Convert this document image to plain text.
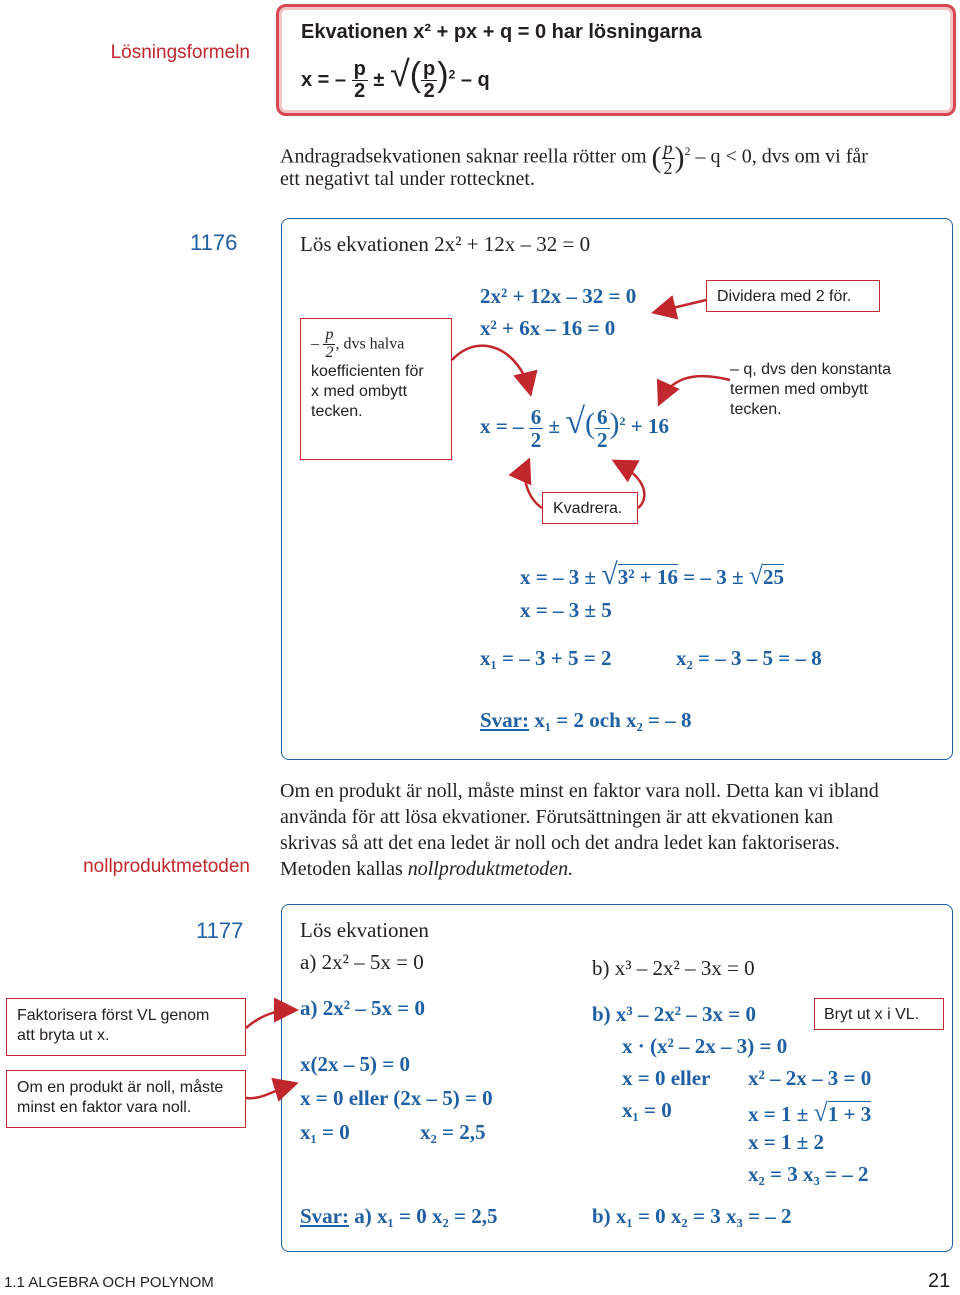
Lösningsformeln
Ekvationen x² + px + q = 0 har lösningarna
x = – $\frac{p}{2}$ ± √( $\frac{p}{2} )^2$ – q
Andragradsekvationen saknar reella rötter om ( $\frac{p}{2} )^2 - q < 0$, dvs om vi får
ett negativt tal under rottecknet.
1176	Lös ekvationen 2x² + 12x – 32 = 0
2x² + 12x – 32 = 0
x² + 6x – 16 = 0
x = – $\frac{6}{2}$ ± √( $\frac{6}{2} )^2 + 16$
– $\frac{p}{2}$ , dvs halva
koefficienten för
x med ombytt
tecken.
Dividera med 2 för.
– q, dvs den konstanta
termen med ombytt
tecken.
Kvadrera.
x = – 3 ± √3² + 16 = – 3 ± √25
x = – 3 ± 5
x₁ = – 3 + 5 = 2	x₂ = – 3 – 5 = – 8
Svar: x₁ = 2 och x₂ = – 8
nollproduktmetoden
Om en produkt är noll, måste minst en faktor vara noll. Detta kan vi ibland
använda för att lösa ekvationer. Förutsättningen är att ekvationen kan
skrivas så att det ena ledet är noll och det andra ledet kan faktoriseras.
Metoden kallas nollproduktmetoden.
1177	Lös ekvationen
a) 2x² – 5x = 0	b) x³ – 2x² – 3x = 0
Faktorisera först VL genom
att bryta ut x.
Om en produkt är noll, måste
minst en faktor vara noll.
a) 2x² – 5x = 0
x(2x – 5) = 0
x = 0 eller (2x – 5) = 0
x₁ = 0	x₂ = 2,5
b) x³ – 2x² – 3x = 0	Bryt ut x i VL.
x · (x² – 2x – 3) = 0
x = 0 eller x² – 2x – 3 = 0
x₁ = 0	x = 1 ± √1 + 3
x = 1 ± 2
x₂ = 3 x₃ = – 2
Svar: a) x₁ = 0 x₂ = 2,5	b) x₁ = 0 x₂ = 3 x₃ = – 2
1.1 ALGEBRA OCH POLYNOM	21
